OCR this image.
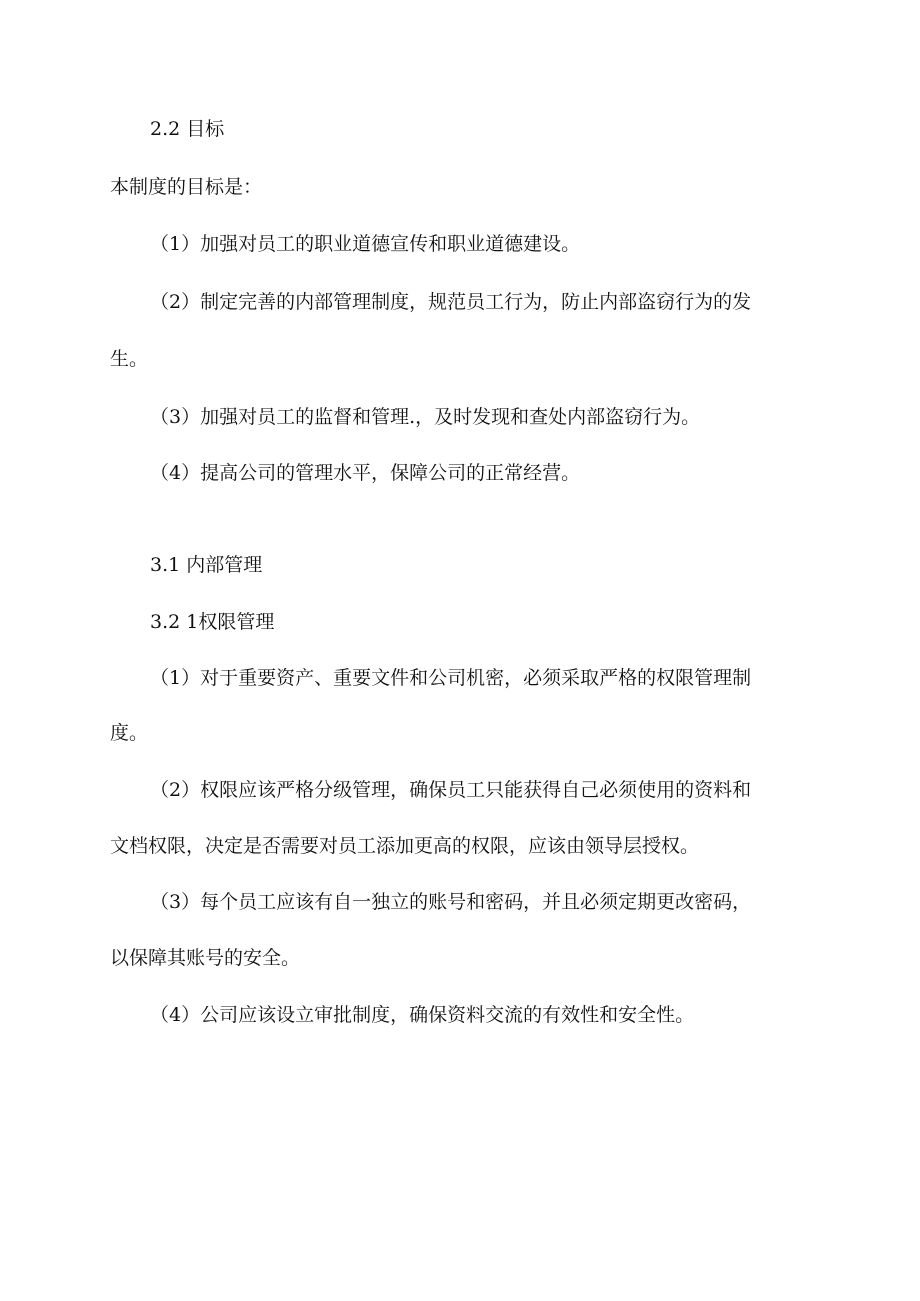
2.2 目标
本制度的目标是：
（1）加强对员工的职业道德宣传和职业道德建设。
（2）制定完善的内部管理制度，规范员工行为，防止内部盗窃行为的发
生。
（3）加强对员工的监督和管理.，及时发现和查处内部盗窃行为。
（4）提高公司的管理水平，保障公司的正常经营。
3.1 内部管理
3.2 1权限管理
（1）对于重要资产、重要文件和公司机密，必须采取严格的权限管理制
度。
（2）权限应该严格分级管理，确保员工只能获得自己必须使用的资料和
文档权限，决定是否需要对员工添加更高的权限，应该由领导层授权。
（3）每个员工应该有自一独立的账号和密码，并且必须定期更改密码，
以保障其账号的安全。
（4）公司应该设立审批制度，确保资料交流的有效性和安全性。
